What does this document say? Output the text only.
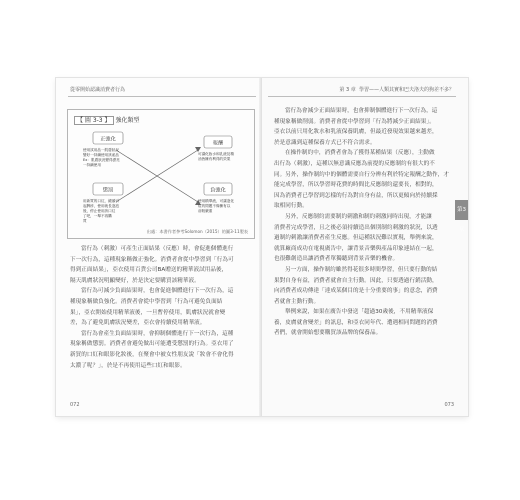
從零開始認識消費者行為
【 圖 3-3 】 強化類型
正強化
報酬
懲罰	負強化
使用試用品一肌膚狀況 變好一持續使用該產品 Ex：肌膚狀況變得漂亮 一持續使用
可讓化妝水和乳液及精 油皆擁有利得的效果
用新買的口紅，鏡頭引 起脾疹，使用就長泡泡 後，停止使用該口紅 了吧，一舉不再購 買
使用精華液，可讓泡化 痘的問題不像擁有以 前較嚴重
出處：本書作者參考Solomon（2015）的圖3-11製表

當行為（刺激）可產生正面結果（反應）時，會促進個體進行

下一次行為，這種現象稱做正強化。消費者會從中學習到「行為可

得到正面結果」，亞衣使用百貨公司BA贈送的精華液試用品後，

隔天肌膚狀況明顯變好，於是決定要購買該精華液。

當行為可減少負面結果時，也會促進個體進行下一次行為，這

種現象稱做負強化。消費者會從中學習到「行為可避免負面結

果」，亞衣開始使用精華液後，一旦暫停使用，肌膚狀況就會變

差，為了避免肌膚狀況變差，亞衣會持續使用精華液。

當行為會產生負面結果時，會抑制個體進行下一次行為，這種

現象稱做懲罰。消費者會避免做出可能遭受懲罰的行為。亞衣用了

新買的口紅和眼影化妝後，在聚會中被女性朋友說「妝會不會化得

太濃了呢？」，於是不再使用這些口紅和眼影。

072
第 3 章 學習——人類其實和巴夫洛夫的狗差不多？

當行為會減少正面結果時，也會抑制個體進行下一次行為，這

種現象稱做削弱。消費者會從中學習到「行為將減少正面結果」。

亞衣以前只用化妝水和乳液保養肌膚，但最近發現效果越來越差，

於是意識到這種保養方式已不符合需求。

在操作制約中，消費者會為了獲得某種結果（反應），主動做

出行為（刺激），這種以無意識反應為前提的反應制約有很大的不

同。另外，操作制約中的個體需要自行分辨有利於特定報酬之動作，才

能完成學習，所以學習時花費的時間比反應制約還要長，相對的，

因為消費者已學習到怎樣的行為對自身有益，所以更傾向於持續採

取相同行動。

另外，反應制約需要制約刺激和制約刺激同時出現，才能讓

消費者完成學習，且之後必須持續造出個別制約刺激的狀況，以透

過制約刺激讓消費者產生反應。但這種狀況難以實現，舉例來說，

就算廠商成功在電視廣告中，讓背景音樂與產品印象連結在一起，

也很難創造出讓消費者單獨聽到背景音樂的機會。

另一方面，操作制約雖然得花很多時間學習，但只要行動的結

果對自身有益，消費者就會自主行動。因此，只要透過行銷活動，

向消費者成功傳達「達成某個目的是十分重要的事」的意念，消費

者就會主動行動。

舉例來說，如果在廣告中發送「超過30歲後，不用精華液保

養，皮膚就會變差」的訊息，和亞衣同年代、遭遇相同問題的消費

者們，就會開始想要購買該品牌的保養品。

第3章
073
